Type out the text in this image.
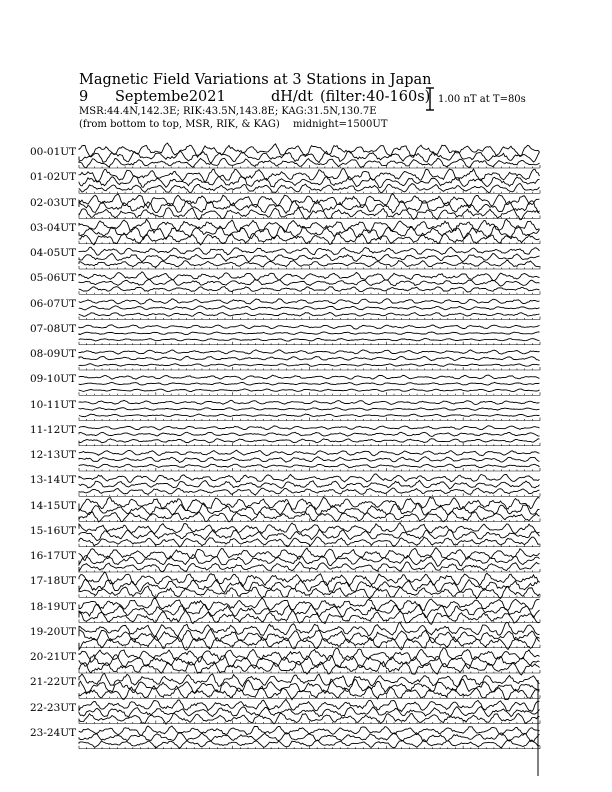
Magnetic Field Variations at 3 Stations in Japan
9 Septembe2021	dH/dt (filter:40-160s)
MSR:44.4N,142.3E; RIK:43.5N,143.8E; KAG:31.5N,130.7E
(from bottom to top, MSR, RIK, & KAG) midnight=1500UT
1.00 nT at T=80s
00-01UT
01-02UT
02-03UT
03-04UT
04-05UT
05-06UT
06-07UT
07-08UT
08-09UT
09-10UT
10-11UT
11-12UT
12-13UT
13-14UT
14-15UT
15-16UT
16-17UT
17-18UT
18-19UT
19-20UT
20-21UT
21-22UT
22-23UT
23-24UT
